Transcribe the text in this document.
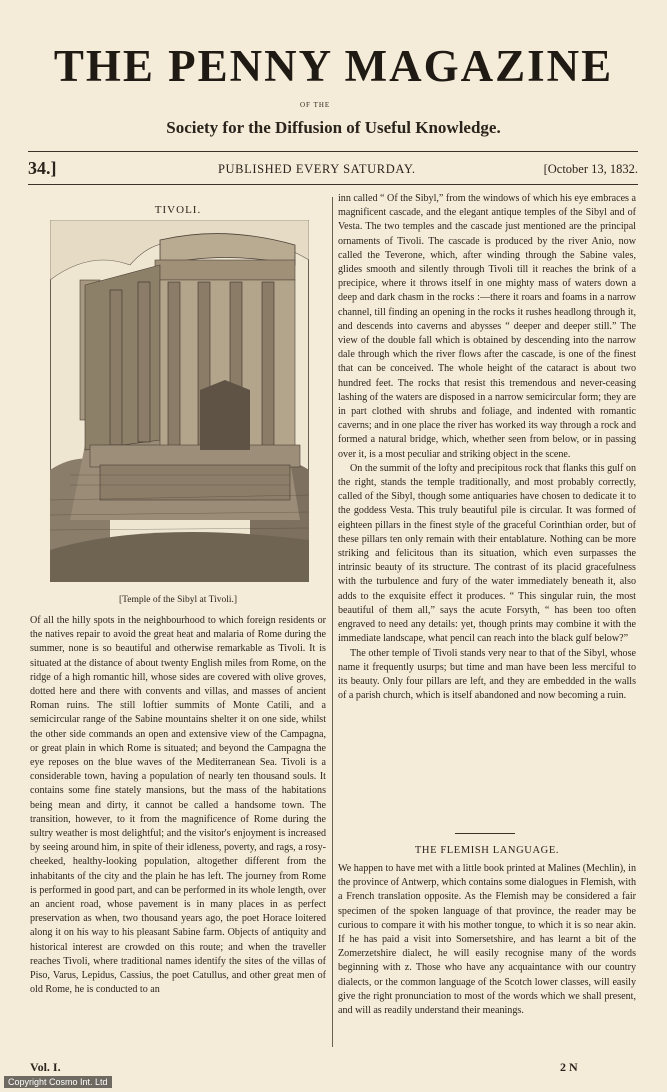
THE PENNY MAGAZINE
OF THE
Society for the Diffusion of Useful Knowledge.
34.]	PUBLISHED EVERY SATURDAY.	[October 13, 1832.
TIVOLI.
[Temple of the Sibyl at Tivoli.]

Of all the hilly spots in the neighbourhood to which foreign residents or the natives repair to avoid the great heat and malaria of Rome during the summer, none is so beautiful and otherwise remarkable as Tivoli. It is situated at the distance of about twenty English miles from Rome, on the ridge of a high romantic hill, whose sides are covered with olive groves, dotted here and there with convents and villas, and masses of ancient Roman ruins. The still loftier summits of Monte Catili, and a semicircular range of the Sabine mountains shelter it on one side, whilst the other side commands an open and extensive view of the Campagna, or great plain in which Rome is situated; and beyond the Campagna the eye reposes on the blue waves of the Mediterranean Sea. Tivoli is a considerable town, having a population of nearly ten thousand souls. It contains some fine stately mansions, but the mass of the habitations being mean and dirty, it cannot be called a handsome town. The transition, however, to it from the magnificence of Rome during the sultry weather is most delightful; and the visitor's enjoyment is increased by seeing around him, in spite of their idleness, poverty, and rags, a rosy-cheeked, healthy-looking population, altogether different from the inhabitants of the city and the plain he has left. The journey from Rome is performed in good part, and can be performed in its whole length, over an ancient road, whose pavement is in many places in as perfect preservation as when, two thousand years ago, the poet Horace loitered along it on his way to his pleasant Sabine farm. Objects of antiquity and historical interest are crowded on this route; and when the traveller reaches Tivoli, where traditional names identify the sites of the villas of Piso, Varus, Lepidus, Cassius, the poet Catullus, and other great men of old Rome, he is conducted to an

inn called “ Of the Sibyl,” from the windows of which his eye embraces a magnificent cascade, and the elegant antique temples of the Sibyl and of Vesta. The two temples and the cascade just mentioned are the principal ornaments of Tivoli. The cascade is produced by the river Anio, now called the Teverone, which, after winding through the Sabine vales, glides smooth and silently through Tivoli till it reaches the brink of a precipice, where it throws itself in one mighty mass of waters down a deep and dark chasm in the rocks :—there it roars and foams in a narrow channel, till finding an opening in the rocks it rushes headlong through it, and descends into caverns and abysses “ deeper and deeper still.” The view of the double fall which is obtained by descending into the narrow dale through which the river flows after the cascade, is one of the finest that can be conceived. The whole height of the cataract is about two hundred feet. The rocks that resist this tremendous and never-ceasing lashing of the waters are disposed in a narrow semicircular form; they are in part clothed with shrubs and foliage, and indented with romantic caverns; and in one place the river has worked its way through a rock and formed a natural bridge, which, whether seen from below, or in passing over it, is a most peculiar and striking object in the scene.

On the summit of the lofty and precipitous rock that flanks this gulf on the right, stands the temple traditionally, and most probably correctly, called of the Sibyl, though some antiquaries have chosen to dedicate it to the goddess Vesta. This truly beautiful pile is circular. It was formed of eighteen pillars in the finest style of the graceful Corinthian order, but of these pillars ten only remain with their entablature. Nothing can be more striking and felicitous than its situation, which even surpasses the intrinsic beauty of its structure. The contrast of its placid gracefulness with the turbulence and fury of the water immediately beneath it, also adds to the exquisite effect it produces. “ This singular ruin, the most beautiful of them all,” says the acute Forsyth, “ has been too often engraved to need any details: yet, though prints may combine it with the immediate landscape, what pencil can reach into the black gulf below?”

The other temple of Tivoli stands very near to that of the Sibyl, whose name it frequently usurps; but time and man have been less merciful to its beauty. Only four pillars are left, and they are embedded in the walls of a parish church, which is itself abandoned and now becoming a ruin.

THE FLEMISH LANGUAGE.

We happen to have met with a little book printed at Malines (Mechlin), in the province of Antwerp, which contains some dialogues in Flemish, with a French translation opposite. As the Flemish may be considered a fair specimen of the spoken language of that province, the reader may be curious to compare it with his mother tongue, to which it is so near akin. If he has paid a visit into Somersetshire, and has learnt a bit of the Zomerzetshire dialect, he will easily recognise many of the words beginning with z. Those who have any acquaintance with our country dialects, or the common language of the Scotch lower classes, will easily give the right pronunciation to most of the words which we shall present, and will as readily understand their meanings.

Vol. I.	2 N
Copyright Cosmo Int. Ltd
